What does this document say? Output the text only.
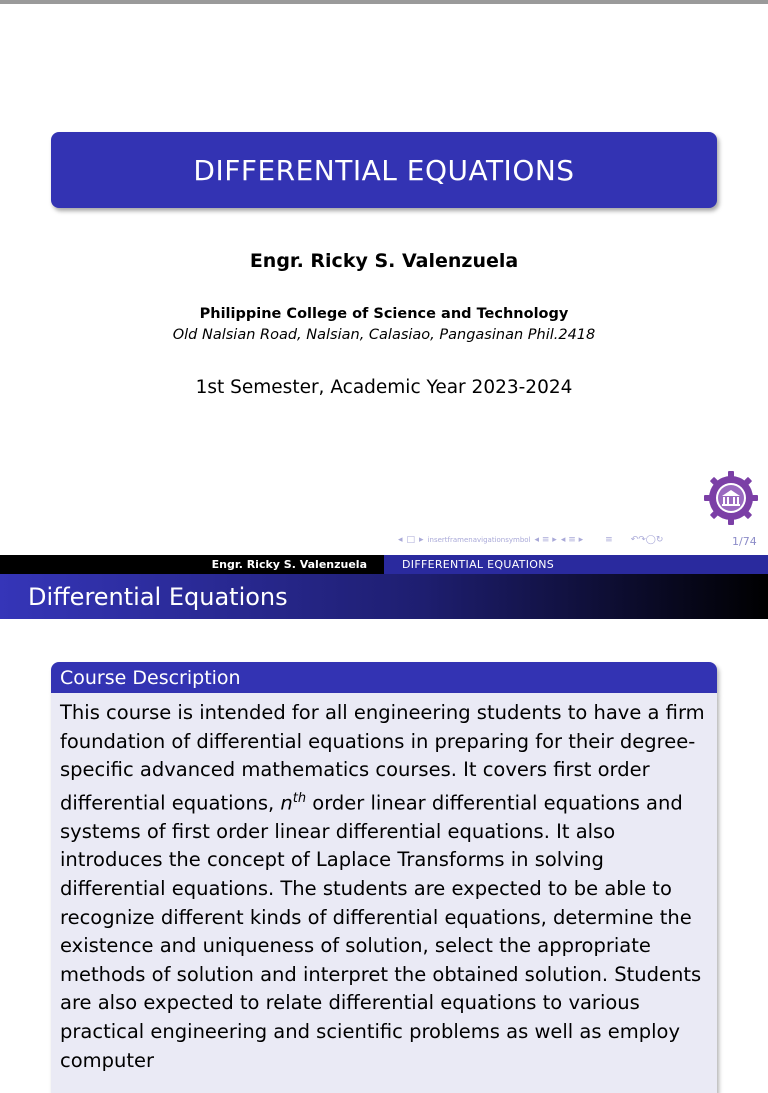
DIFFERENTIAL EQUATIONS
Engr. Ricky S. Valenzuela
Philippine College of Science and Technology
Old Nalsian Road, Nalsian, Calasiao, Pangasinan Phil.2418
1st Semester, Academic Year 2023-2024
◂ □ ▸ insertframenavigationsymbol ◂ ≡ ▸ ◂ ≡ ▸ ≡ ↶↷◯↻	1/74
Engr. Ricky S. Valenzuela	DIFFERENTIAL EQUATIONS
Differential Equations
Course Description
This course is intended for all engineering students to have a firm foundation of differential equations in preparing for their degree-specific advanced mathematics courses. It covers first order differential equations, $n^{th}$ order linear differential equations and systems of first order linear differential equations. It also introduces the concept of Laplace Transforms in solving differential equations. The students are expected to be able to recognize different kinds of differential equations, determine the existence and uniqueness of solution, select the appropriate methods of solution and interpret the obtained solution. Students are also expected to relate differential equations to various practical engineering and scientific problems as well as employ computer
